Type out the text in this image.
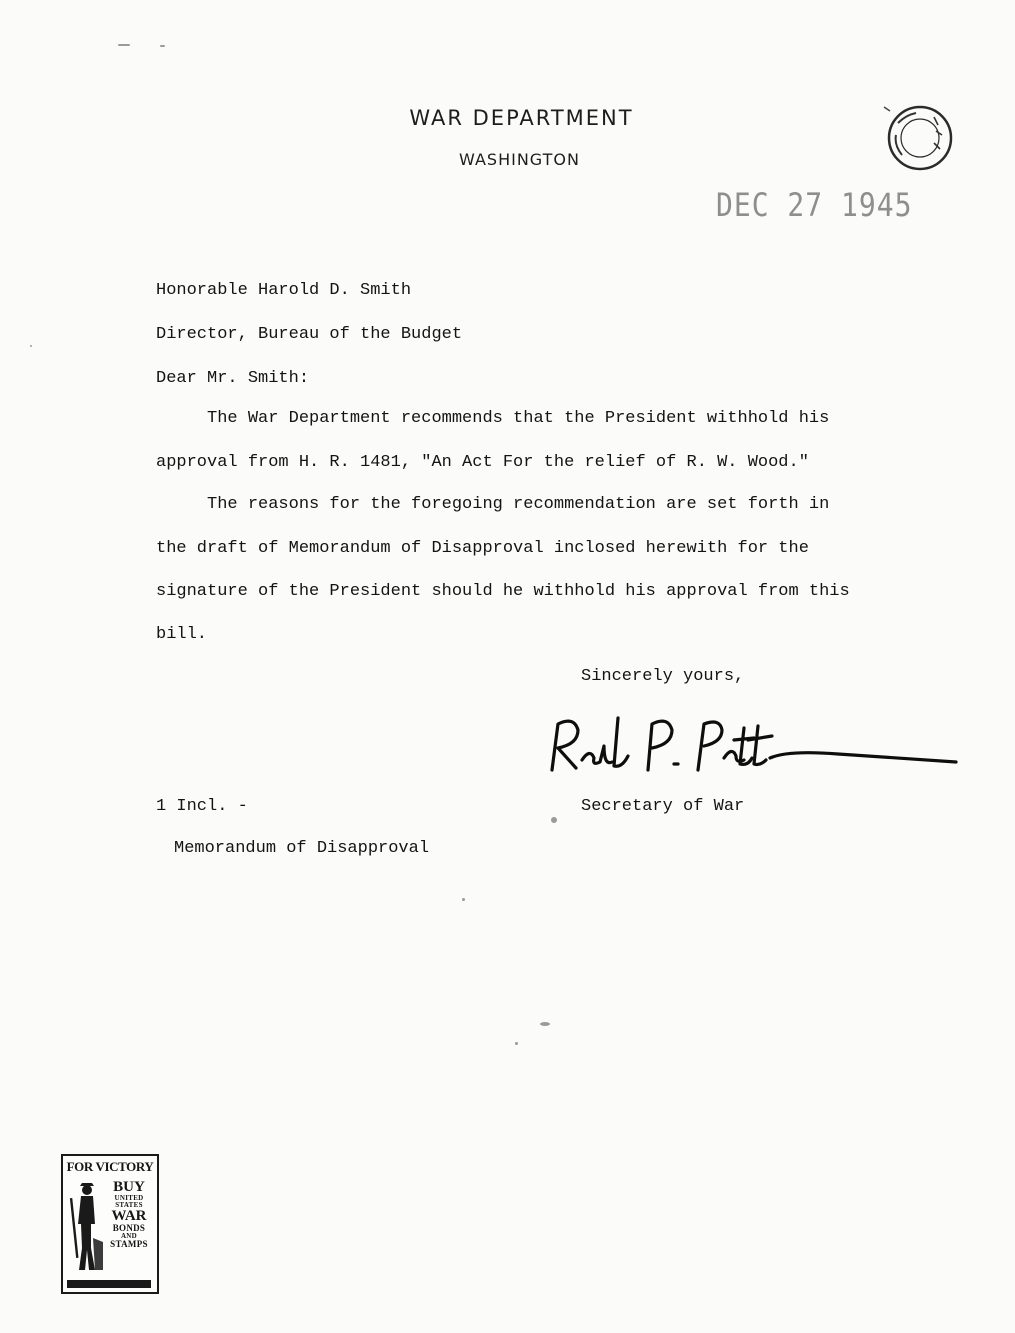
WAR DEPARTMENT
WASHINGTON
DEC 27 1945
Honorable Harold D. Smith
Director, Bureau of the Budget
Dear Mr. Smith:
The War Department recommends that the President withhold his
approval from H. R. 1481, "An Act For the relief of R. W. Wood."
The reasons for the foregoing recommendation are set forth in
the draft of Memorandum of Disapproval inclosed herewith for the
signature of the President should he withhold his approval from this
bill.
Sincerely yours,
1 Incl. -	Secretary of War
Memorandum of Disapproval
FOR VICTORY
BUY
UNITED
STATES
WAR
BONDS
AND
STAMPS
